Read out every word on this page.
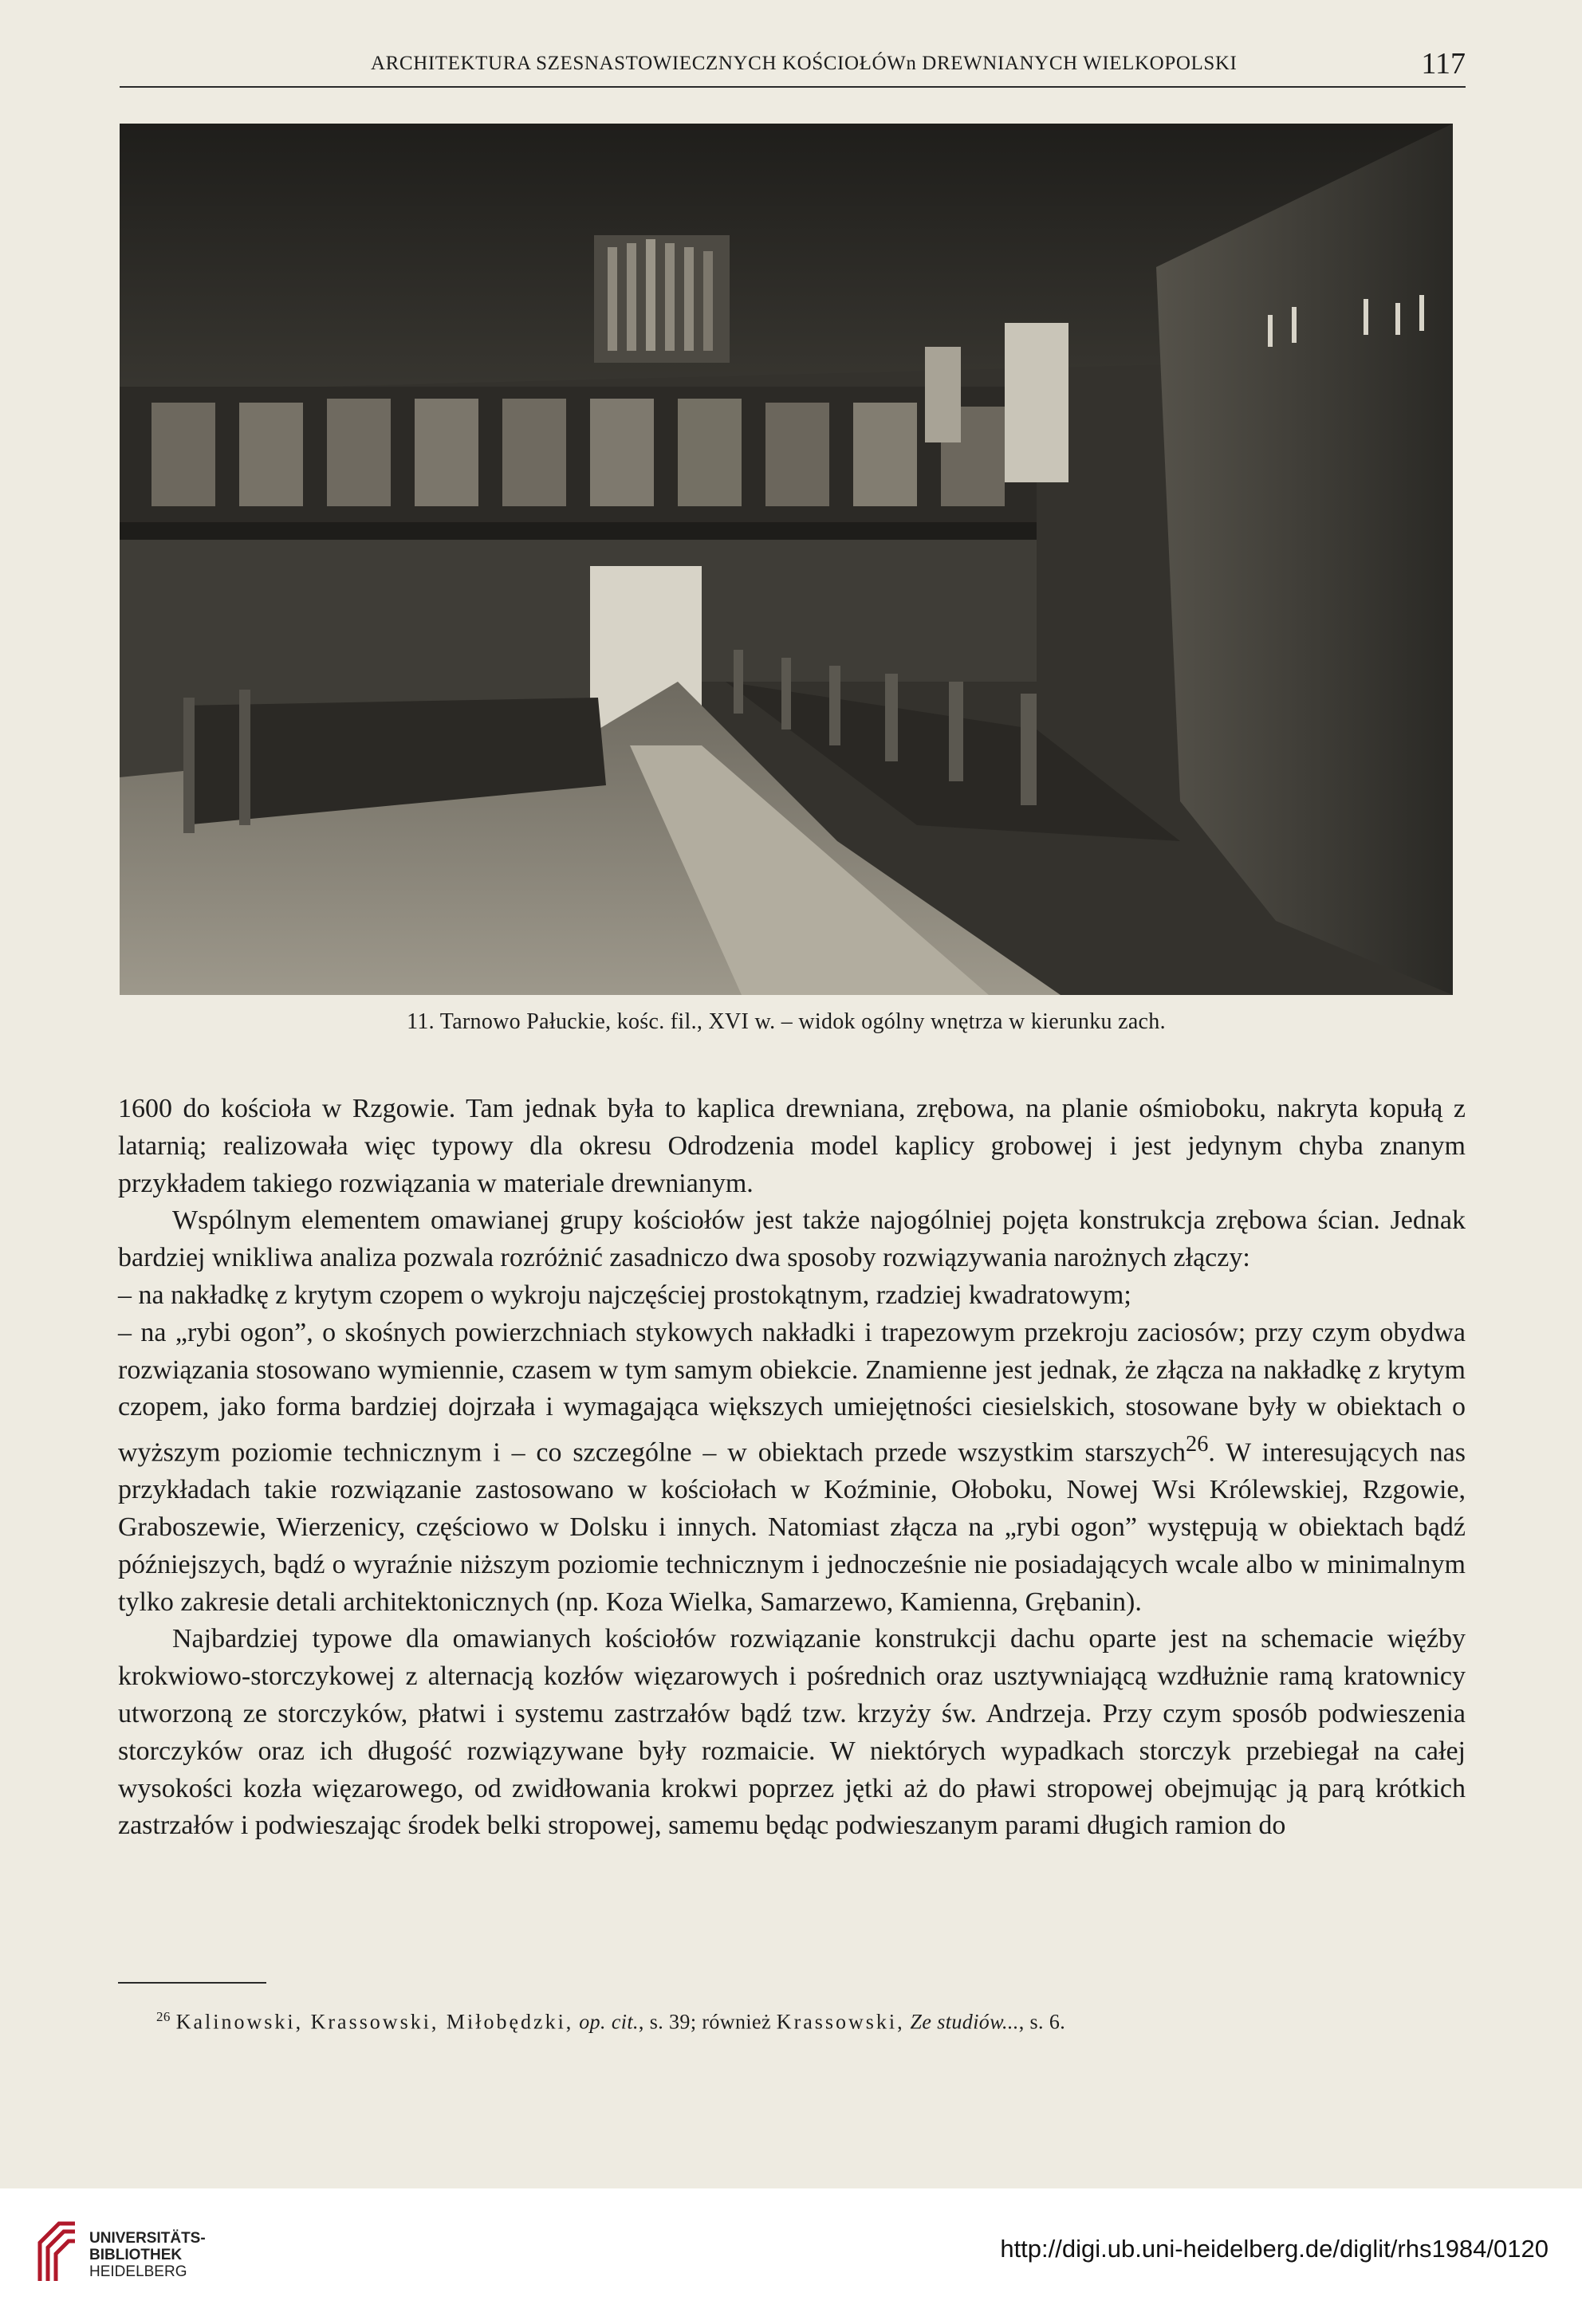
ARCHITEKTURA SZESNASTOWIECZNYCH KOŚCIOŁÓWn DREWNIANYCH WIELKOPOLSKI	117
11. Tarnowo Pałuckie, kośc. fil., XVI w. – widok ogólny wnętrza w kierunku zach.

1600 do kościoła w Rzgowie. Tam jednak była to kaplica drewniana, zrębowa, na planie ośmioboku, nakryta kopułą z latarnią; realizowała więc typowy dla okresu Odrodzenia model kaplicy grobowej i jest jedynym chyba znanym przykładem takiego rozwiązania w materiale drewnianym.

Wspólnym elementem omawianej grupy kościołów jest także najogólniej pojęta konstrukcja zrębowa ścian. Jednak bardziej wnikliwa analiza pozwala rozróżnić zasadniczo dwa sposoby rozwiązywania narożnych złączy:

– na nakładkę z krytym czopem o wykroju najczęściej prostokątnym, rzadziej kwadratowym;

– na „rybi ogon”, o skośnych powierzchniach stykowych nakładki i trapezowym przekroju zaciosów; przy czym obydwa rozwiązania stosowano wymiennie, czasem w tym samym obiekcie. Znamienne jest jednak, że złącza na nakładkę z krytym czopem, jako forma bardziej dojrzała i wymagająca większych umiejętności ciesielskich, stosowane były w obiektach o wyższym poziomie technicznym i – co szczególne – w obiektach przede wszystkim starszych$^{26}$. W interesujących nas przykładach takie rozwiązanie zastosowano w kościołach w Koźminie, Ołoboku, Nowej Wsi Królewskiej, Rzgowie, Graboszewie, Wierzenicy, częściowo w Dolsku i innych. Natomiast złącza na „rybi ogon” występują w obiektach bądź późniejszych, bądź o wyraźnie niższym poziomie technicznym i jednocześnie nie posiadających wcale albo w minimalnym tylko zakresie detali architektonicznych (np. Koza Wielka, Samarzewo, Kamienna, Grębanin).

Najbardziej typowe dla omawianych kościołów rozwiązanie konstrukcji dachu oparte jest na schemacie więźby krokwiowo-storczykowej z alternacją kozłów więzarowych i pośrednich oraz usztywniającą wzdłużnie ramą kratownicy utworzoną ze storczyków, płatwi i systemu zastrzałów bądź tzw. krzyży św. Andrzeja. Przy czym sposób podwieszenia storczyków oraz ich długość rozwiązywane były rozmaicie. W niektórych wypadkach storczyk przebiegał na całej wysokości kozła więzarowego, od zwidłowania krokwi poprzez jętki aż do pławi stropowej obejmując ją parą krótkich zastrzałów i podwieszając środek belki stropowej, samemu będąc podwieszanym parami długich ramion do

$^{26}$ Kalinowski, Krassowski, Miłobędzki, op. cit., s. 39; również Krassowski, Ze studiów..., s. 6.
UNIVERSITÄTS-
BIBLIOTHEK
HEIDELBERG
http://digi.ub.uni-heidelberg.de/diglit/rhs1984/0120
